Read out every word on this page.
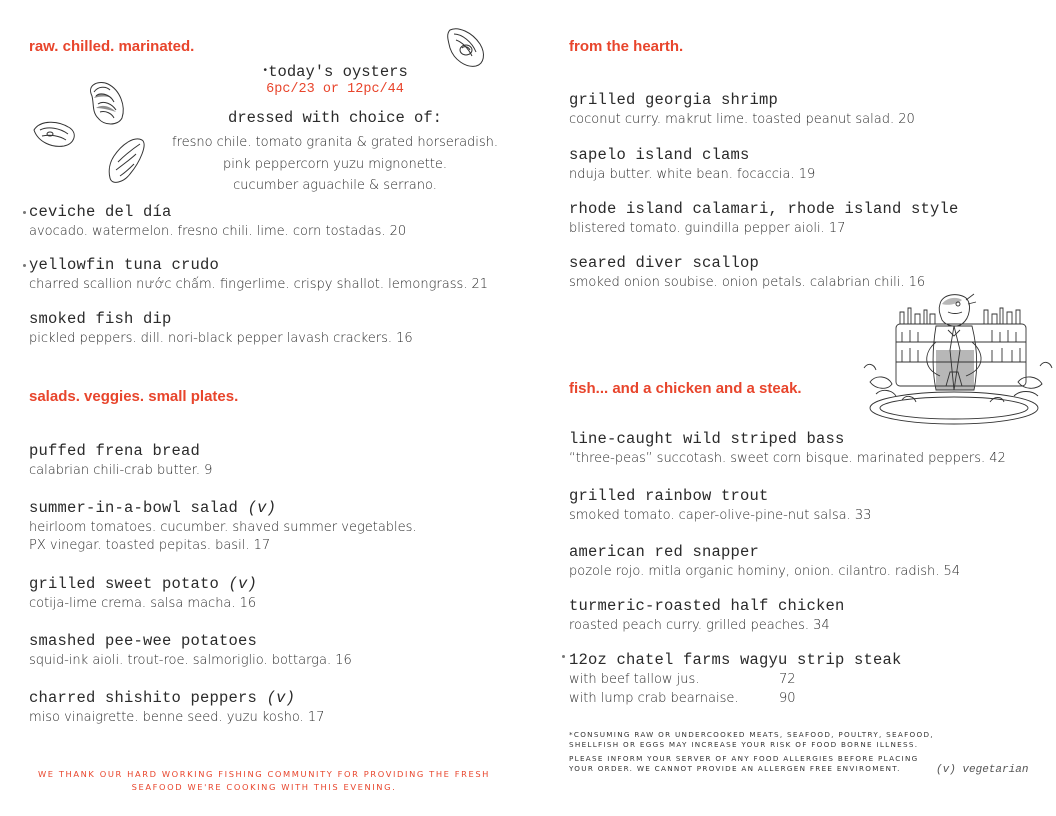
raw. chilled. marinated.
•today's oysters
6pc/23 or 12pc/44
dressed with choice of:
fresno chile. tomato granita & grated horseradish.
pink peppercorn yuzu mignonette.
cucumber aguachile & serrano.
ceviche del día
avocado. watermelon. fresno chili. lime. corn tostadas. 20
yellowfin tuna crudo
charred scallion nước chấm. fingerlime. crispy shallot. lemongrass. 21
smoked fish dip
pickled peppers. dill. nori-black pepper lavash crackers. 16
salads. veggies. small plates.
puffed frena bread
calabrian chili-crab butter. 9
summer-in-a-bowl salad (v)
heirloom tomatoes. cucumber. shaved summer vegetables.
PX vinegar. toasted pepitas. basil. 17
grilled sweet potato (v)
cotija-lime crema. salsa macha. 16
smashed pee-wee potatoes
squid-ink aioli. trout-roe. salmoriglio. bottarga. 16
charred shishito peppers (v)
miso vinaigrette. benne seed. yuzu kosho. 17
WE THANK OUR HARD WORKING FISHING COMMUNITY FOR PROVIDING THE FRESH
SEAFOOD WE'RE COOKING WITH THIS EVENING.
from the hearth.
grilled georgia shrimp
coconut curry. makrut lime. toasted peanut salad. 20
sapelo island clams
nduja butter. white bean. focaccia. 19
rhode island calamari, rhode island style
blistered tomato. guindilla pepper aioli. 17
seared diver scallop
smoked onion soubise. onion petals. calabrian chili. 16
fish... and a chicken and a steak.
line-caught wild striped bass
“three-peas” succotash. sweet corn bisque. marinated peppers. 42
grilled rainbow trout
smoked tomato. caper-olive-pine-nut salsa. 33
american red snapper
pozole rojo. mitla organic hominy, onion. cilantro. radish. 54
turmeric-roasted half chicken
roasted peach curry. grilled peaches. 34
12oz chatel farms wagyu strip steak
with beef tallow jus.	72
with lump crab bearnaise.	90
*CONSUMING RAW OR UNDERCOOKED MEATS, SEAFOOD, POULTRY, SEAFOOD,
SHELLFISH OR EGGS MAY INCREASE YOUR RISK OF FOOD BORNE ILLNESS.
PLEASE INFORM YOUR SERVER OF ANY FOOD ALLERGIES BEFORE PLACING
YOUR ORDER. WE CANNOT PROVIDE AN ALLERGEN FREE ENVIROMENT.	(v) vegetarian
